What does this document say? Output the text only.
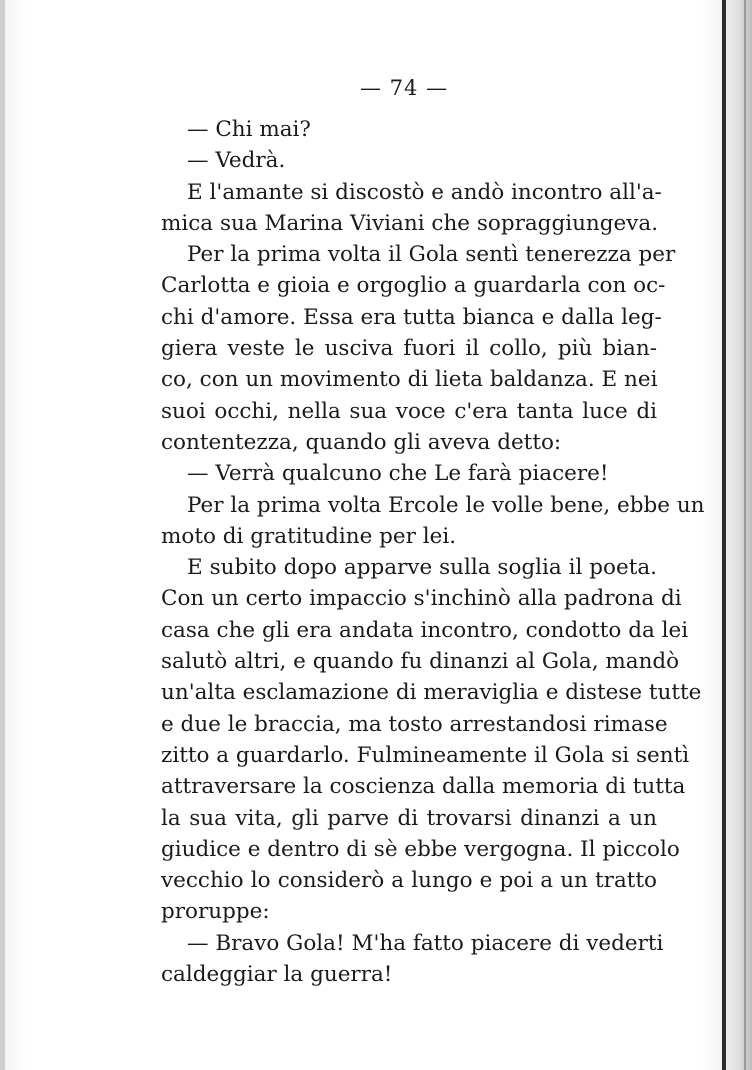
— 74 —
— Chi mai?
— Vedrà.
E l'amante si discostò e andò incontro all'a-
mica sua Marina Viviani che sopraggiungeva.
Per la prima volta il Gola sentì tenerezza per
Carlotta e gioia e orgoglio a guardarla con oc-
chi d'amore. Essa era tutta bianca e dalla leg-
giera veste le usciva fuori il collo, più bian-
co, con un movimento di lieta baldanza. E nei
suoi occhi, nella sua voce c'era tanta luce di
contentezza, quando gli aveva detto:
— Verrà qualcuno che Le farà piacere!
Per la prima volta Ercole le volle bene, ebbe un
moto di gratitudine per lei.
E subito dopo apparve sulla soglia il poeta.
Con un certo impaccio s'inchinò alla padrona di
casa che gli era andata incontro, condotto da lei
salutò altri, e quando fu dinanzi al Gola, mandò
un'alta esclamazione di meraviglia e distese tutte
e due le braccia, ma tosto arrestandosi rimase
zitto a guardarlo. Fulmineamente il Gola si sentì
attraversare la coscienza dalla memoria di tutta
la sua vita, gli parve di trovarsi dinanzi a un
giudice e dentro di sè ebbe vergogna. Il piccolo
vecchio lo considerò a lungo e poi a un tratto
proruppe:
— Bravo Gola! M'ha fatto piacere di vederti
caldeggiar la guerra!
